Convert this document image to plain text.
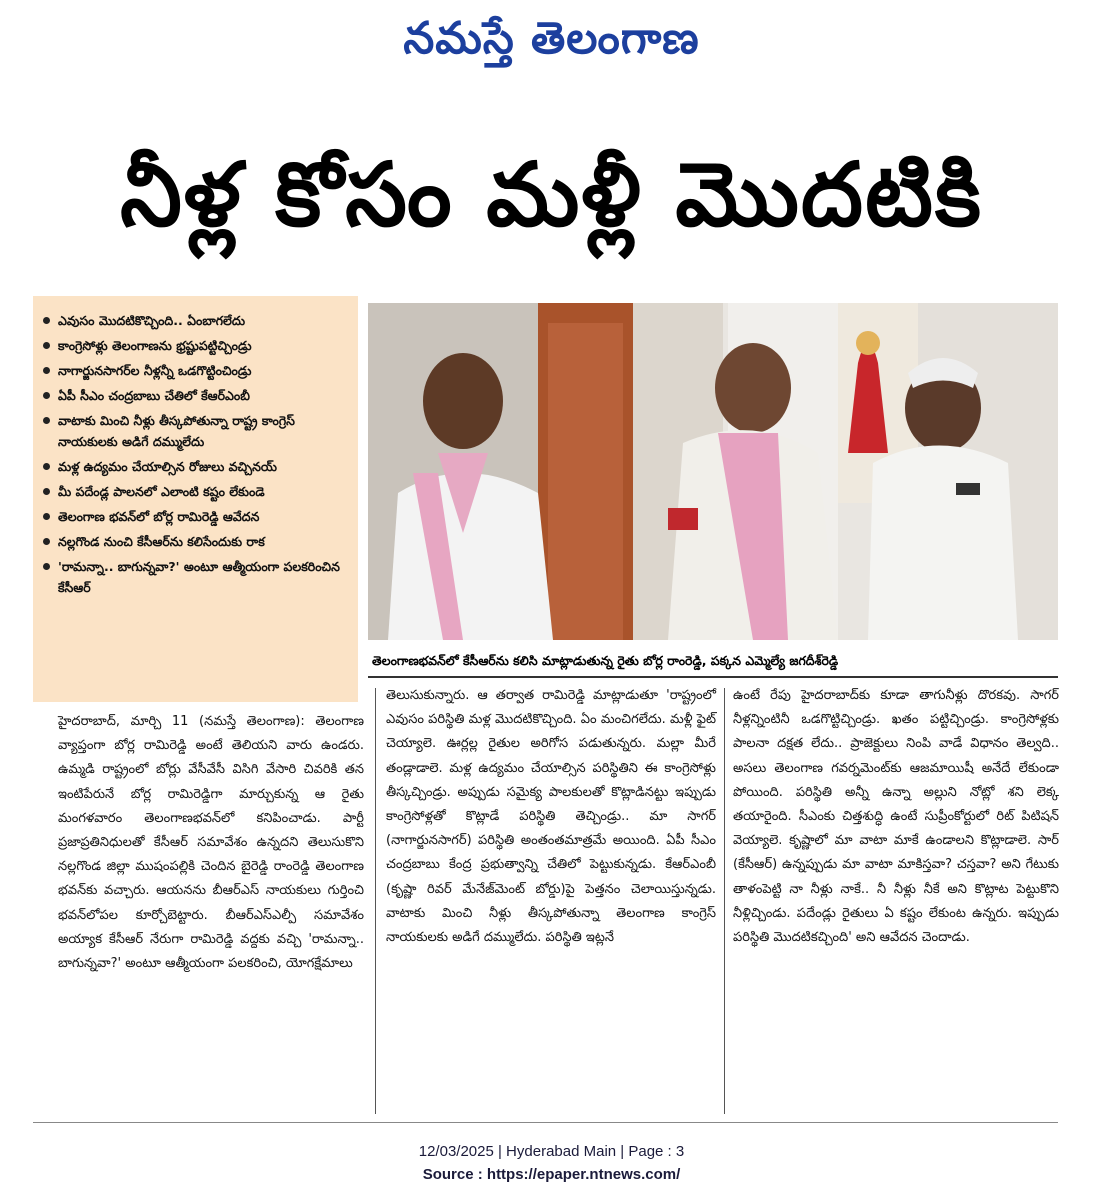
నమస్తే తెలంగాణ
నీళ్ల కోసం మళ్లీ మొదటికి
ఎవుసం మొదటికొచ్చింది.. ఏంబాగలేదు
కాంగ్రెసోళ్లు తెలంగాణను భ్రష్టుపట్టిచ్చిండ్రు
నాగార్జునసాగర్‌ల నీళ్లన్నీ ఒడగొట్టించిండ్రు
ఏపీ సీఎం చంద్రబాబు చేతిలో కేఆర్‌ఎంబీ
వాటాకు మించి నీళ్లు తీస్కపోతున్నా రాష్ట్ర కాంగ్రెస్ నాయకులకు అడిగే దమ్ములేదు
మళ్ల ఉద్యమం చేయాల్సిన రోజులు వచ్చినయ్
మీ పదేండ్ల పాలనలో ఎలాంటి కష్టం లేకుండె
తెలంగాణ భవన్‌లో బోర్ల రామిరెడ్డి ఆవేదన
నల్లగొండ నుంచి కేసీఆర్‌ను కలిసేందుకు రాక
'రామన్నా.. బాగున్నవా?' అంటూ ఆత్మీయంగా పలకరించిన కేసీఆర్
తెలంగాణభవన్‌లో కేసీఆర్‌ను కలిసి మాట్లాడుతున్న రైతు బోర్ల రాంరెడ్డి, పక్కన ఎమ్మెల్యే జగదీశ్‌రెడ్డి
హైదరాబాద్, మార్చి 11 (నమస్తే తెలంగాణ): తెలంగాణ వ్యాప్తంగా బోర్ల రామిరెడ్డి అంటే తెలియని వారు ఉండరు. ఉమ్మడి రాష్ట్రంలో బోర్లు వేసీవేసీ విసిగి వేసారి చివరికి తన ఇంటిపేరునే బోర్ల రామిరెడ్డిగా మార్చుకున్న ఆ రైతు మంగళవారం తెలంగాణభవన్‌లో కనిపించాడు. పార్టీ ప్రజాప్రతినిధులతో కేసీఆర్ సమావేశం ఉన్నదని తెలుసుకొని నల్లగొండ జిల్లా ముషంపల్లికి చెందిన బైరెడ్డి రాంరెడ్డి తెలంగాణ భవన్‌కు వచ్చారు. ఆయనను బీఆర్‌ఎస్ నాయకులు గుర్తించి భవన్‌లోపల కూర్చోబెట్టారు. బీఆర్‌ఎస్ఎల్పీ సమావేశం అయ్యాక కేసీఆర్ నేరుగా రామిరెడ్డి వద్దకు వచ్చి 'రామన్నా.. బాగున్నవా?' అంటూ ఆత్మీయంగా పలకరించి, యోగక్షేమాలు
తెలుసుకున్నారు. ఆ తర్వాత రామిరెడ్డి మాట్లాడుతూ 'రాష్ట్రంలో ఎవుసం పరిస్థితి మళ్ల మొదటికొచ్చింది. ఏం మంచిగలేదు. మళ్లీ ఫైట్ చెయ్యాలె. ఊర్లల్ల రైతుల అరిగోస పడుతున్నరు. మల్లా మీరే తండ్లాడాలె. మళ్ల ఉద్యమం చేయాల్సిన పరిస్థితిని ఈ కాంగ్రెసోళ్లు తీస్కచ్చిండ్రు. అప్పుడు సమైక్య పాలకులతో కొట్లాడినట్టు ఇప్పుడు కాంగ్రెసోళ్లతో కొట్లాడే పరిస్థితి తెచ్చిండ్రు.. మా సాగర్ (నాగార్జునసాగర్) పరిస్థితి అంతంతమాత్రమే అయింది. ఏపీ సీఎం చంద్రబాబు కేంద్ర ప్రభుత్వాన్ని చేతిలో పెట్టుకున్నడు. కేఆర్‌ఎంబీ (కృష్ణా రివర్ మేనేజ్‌మెంట్ బోర్డు)పై పెత్తనం చెలాయిస్తున్నడు. వాటాకు మించి నీళ్లు తీస్కపోతున్నా తెలంగాణ కాంగ్రెస్ నాయకులకు అడిగే దమ్ములేదు. పరిస్థితి ఇట్లనే
ఉంటే రేపు హైదరాబాద్‌కు కూడా తాగునీళ్లు దొరకవు. సాగర్ నీళ్లన్నింటినీ ఒడగొట్టిచ్చిండ్రు. ఖతం పట్టిచ్చిండ్రు. కాంగ్రెసోళ్లకు పాలనా దక్షత లేదు.. ప్రాజెక్టులు నింపి వాడే విధానం తెల్వది.. అసలు తెలంగాణ గవర్నమెంట్‌కు ఆజమాయిషీ అనేదే లేకుండా పోయింది. పరిస్థితి అన్నీ ఉన్నా అల్లుని నోట్లో శని లెక్క తయారైంది. సీఎంకు చిత్తశుద్ధి ఉంటే సుప్రీంకోర్టులో రిట్ పిటిషన్ వెయ్యాలె. కృష్ణాలో మా వాటా మాకే ఉండాలని కొట్లాడాలె. సార్ (కేసీఆర్) ఉన్నప్పుడు మా వాటా మాకిస్తవా? చస్తవా? అని గేటుకు తాళంపెట్టి నా నీళ్లు నాకే.. నీ నీళ్లు నీకే అని కొట్లాట పెట్టుకొని నీళ్లిచ్చిండు. పదేండ్లు రైతులు ఏ కష్టం లేకుంట ఉన్నరు. ఇప్పుడు పరిస్థితి మొదటికచ్చింది' అని ఆవేదన చెందాడు.
12/03/2025 | Hyderabad Main | Page : 3
Source : https://epaper.ntnews.com/
